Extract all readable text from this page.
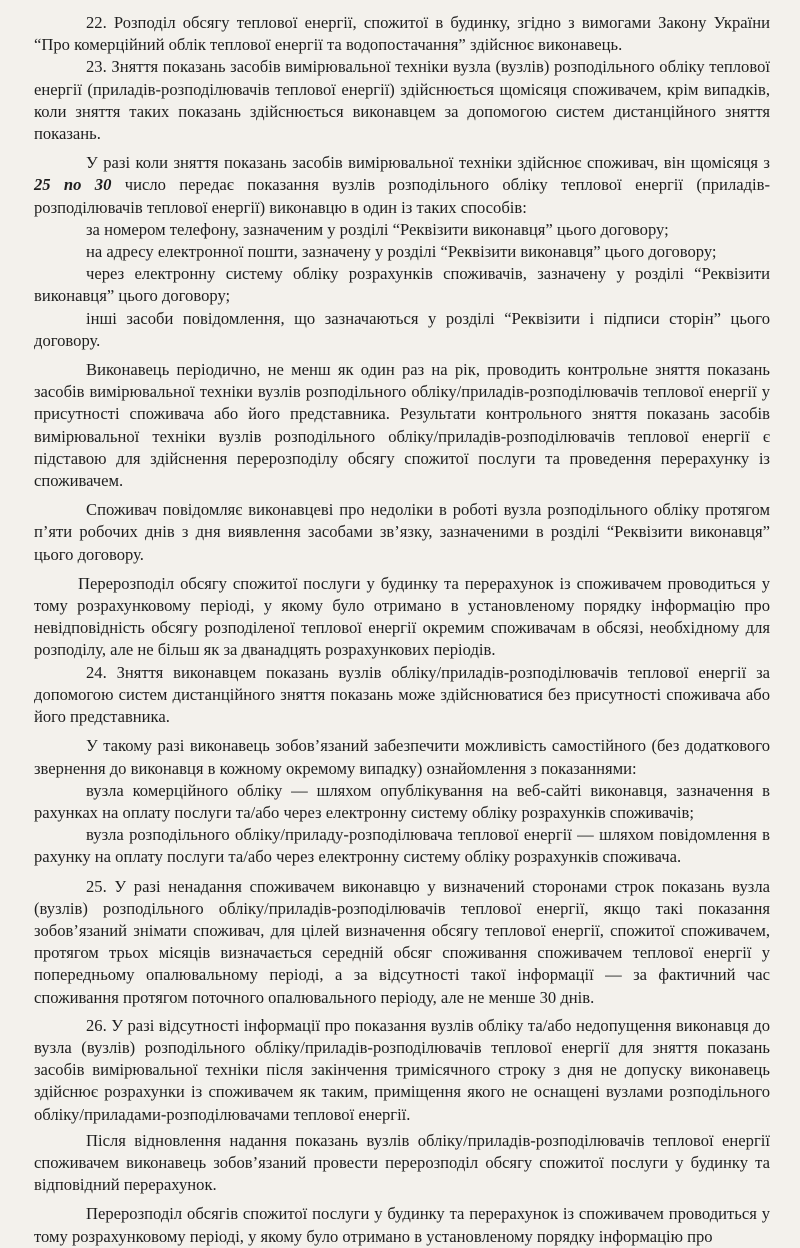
22. Розподіл обсягу теплової енергії, спожитої в будинку, згідно з вимогами Закону України “Про комерційний облік теплової енергії та водопостачання” здійснює виконавець.

23. Зняття показань засобів вимірювальної техніки вузла (вузлів) розподільного обліку теплової енергії (приладів-розподілювачів теплової енергії) здійснюється щомісяця споживачем, крім випадків, коли зняття таких показань здійснюється виконавцем за допомогою систем дистанційного зняття показань.

У разі коли зняття показань засобів вимірювальної техніки здійснює споживач, він щомісяця з 25 по 30 число передає показання вузлів розподільного обліку теплової енергії (приладів-розподілювачів теплової енергії) виконавцю в один із таких способів:

за номером телефону, зазначеним у розділі “Реквізити виконавця” цього договору;

на адресу електронної пошти, зазначену у розділі “Реквізити виконавця” цього договору;

через електронну систему обліку розрахунків споживачів, зазначену у розділі “Реквізити виконавця” цього договору;

інші засоби повідомлення, що зазначаються у розділі “Реквізити і підписи сторін” цього договору.

Виконавець періодично, не менш як один раз на рік, проводить контрольне зняття показань засобів вимірювальної техніки вузлів розподільного обліку/приладів-розподілювачів теплової енергії у присутності споживача або його представника. Результати контрольного зняття показань засобів вимірювальної техніки вузлів розподільного обліку/приладів-розподілювачів теплової енергії є підставою для здійснення перерозподілу обсягу спожитої послуги та проведення перерахунку із споживачем.

Споживач повідомляє виконавцеві про недоліки в роботі вузла розподільного обліку протягом п’яти робочих днів з дня виявлення засобами зв’язку, зазначеними в розділі “Реквізити виконавця” цього договору.

Перерозподіл обсягу спожитої послуги у будинку та перерахунок із споживачем проводиться у тому розрахунковому періоді, у якому було отримано в установленому порядку інформацію про невідповідність обсягу розподіленої теплової енергії окремим споживачам в обсязі, необхідному для розподілу, але не більш як за дванадцять розрахункових періодів.

24. Зняття виконавцем показань вузлів обліку/приладів-розподілювачів теплової енергії за допомогою систем дистанційного зняття показань може здійснюватися без присутності споживача або його представника.

У такому разі виконавець зобов’язаний забезпечити можливість самостійного (без додаткового звернення до виконавця в кожному окремому випадку) ознайомлення з показаннями:

вузла комерційного обліку — шляхом опублікування на веб-сайті виконавця, зазначення в рахунках на оплату послуги та/або через електронну систему обліку розрахунків споживачів;

вузла розподільного обліку/приладу-розподілювача теплової енергії — шляхом повідомлення в рахунку на оплату послуги та/або через електронну систему обліку розрахунків споживача.

25. У разі ненадання споживачем виконавцю у визначений сторонами строк показань вузла (вузлів) розподільного обліку/приладів-розподілювачів теплової енергії, якщо такі показання зобов’язаний знімати споживач, для цілей визначення обсягу теплової енергії, спожитої споживачем, протягом трьох місяців визначається середній обсяг споживання споживачем теплової енергії у попередньому опалювальному періоді, а за відсутності такої інформації — за фактичний час споживання протягом поточного опалювального періоду, але не менше 30 днів.

26. У разі відсутності інформації про показання вузлів обліку та/або недопущення виконавця до вузла (вузлів) розподільного обліку/приладів-розподілювачів теплової енергії для зняття показань засобів вимірювальної техніки після закінчення тримісячного строку з дня не допуску виконавець здійснює розрахунки із споживачем як таким, приміщення якого не оснащені вузлами розподільного обліку/приладами-розподілювачами теплової енергії.

Після відновлення надання показань вузлів обліку/приладів-розподілювачів теплової енергії споживачем виконавець зобов’язаний провести перерозподіл обсягу спожитої послуги у будинку та відповідний перерахунок.

Перерозподіл обсягів спожитої послуги у будинку та перерахунок із споживачем проводиться у тому розрахунковому періоді, у якому було отримано в установленому порядку інформацію про
